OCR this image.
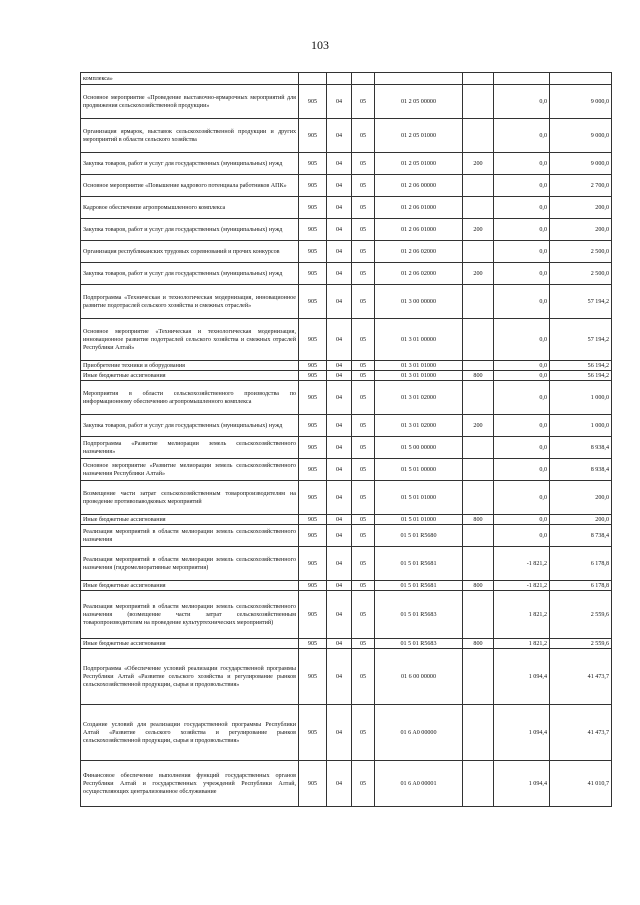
103
комплекса»							
Основное мероприятие «Проведение выставочно-ярмарочных мероприятий для продвижения сельскохозяйственной продукции»	905	04	05	01 2 05 00000		0,0	9 000,0
Организация ярмарок, выставок сельскохозяйственной продукции и других мероприятий в области сельского хозяйства	905	04	05	01 2 05 01000		0,0	9 000,0
Закупка товаров, работ и услуг для государственных (муниципальных) нужд	905	04	05	01 2 05 01000	200	0,0	9 000,0
Основное мероприятие «Повышение кадрового потенциала работников АПК»	905	04	05	01 2 06 00000		0,0	2 700,0
Кадровое обеспечение агропромышленного комплекса	905	04	05	01 2 06 01000		0,0	200,0
Закупка товаров, работ и услуг для государственных (муниципальных) нужд	905	04	05	01 2 06 01000	200	0,0	200,0
Организация республиканских трудовых соревнований и прочих конкурсов	905	04	05	01 2 06 02000		0,0	2 500,0
Закупка товаров, работ и услуг для государственных (муниципальных) нужд	905	04	05	01 2 06 02000	200	0,0	2 500,0
Подпрограмма «Техническая и технологическая модернизация, инновационное развитие подотраслей сельского хозяйства и смежных отраслей»	905	04	05	01 3 00 00000		0,0	57 194,2
Основное мероприятие «Техническая и технологическая модернизация, инновационное развитие подотраслей сельского хозяйства и смежных отраслей Республики Алтай»	905	04	05	01 3 01 00000		0,0	57 194,2
Приобретение техники и оборудования	905	04	05	01 3 01 01000		0,0	56 194,2
Иные бюджетные ассигнования	905	04	05	01 3 01 01000	800	0,0	56 194,2
Мероприятия в области сельскохозяйственного производства по информационному обеспечению агропромышленного комплекса	905	04	05	01 3 01 02000		0,0	1 000,0
Закупка товаров, работ и услуг для государственных (муниципальных) нужд	905	04	05	01 3 01 02000	200	0,0	1 000,0
Подпрограмма «Развитие мелиорации земель сельскохозяйственного назначения»	905	04	05	01 5 00 00000		0,0	8 938,4
Основное мероприятие «Развитие мелиорации земель сельскохозяйственного назначения Республики Алтай»	905	04	05	01 5 01 00000		0,0	8 938,4
Возмещение части затрат сельскохозяйственным товаропроизводителям на проведение противопаводковых мероприятий	905	04	05	01 5 01 01000		0,0	200,0
Иные бюджетные ассигнования	905	04	05	01 5 01 01000	800	0,0	200,0
Реализация мероприятий в области мелиорации земель сельскохозяйственного назначения	905	04	05	01 5 01 R5680		0,0	8 738,4
Реализация мероприятий в области мелиорации земель сельскохозяйственного назначения (гидромелиоративные мероприятия)	905	04	05	01 5 01 R5681		-1 821,2	6 178,8
Иные бюджетные ассигнования	905	04	05	01 5 01 R5681	800	-1 821,2	6 178,8
Реализация мероприятий в области мелиорации земель сельскохозяйственного назначения (возмещение части затрат сельскохозяйственным товаропроизводителям на проведение культуртехнических мероприятий)	905	04	05	01 5 01 R5683		1 821,2	2 559,6
Иные бюджетные ассигнования	905	04	05	01 5 01 R5683	800	1 821,2	2 559,6
Подпрограмма «Обеспечение условий реализации государственной программы Республики Алтай «Развитие сельского хозяйства и регулирование рынков сельскохозяйственной продукции, сырья и продовольствия»	905	04	05	01 6 00 00000		1 094,4	41 473,7
Создание условий для реализации государственной программы Республики Алтай «Развитие сельского хозяйства и регулирование рынков сельскохозяйственной продукции, сырья и продовольствия»	905	04	05	01 6 A0 00000		1 094,4	41 473,7
Финансовое обеспечение выполнения функций государственных органов Республики Алтай и государственных учреждений Республики Алтай, осуществляющих централизованное обслуживание	905	04	05	01 6 A0 00001		1 094,4	41 010,7
